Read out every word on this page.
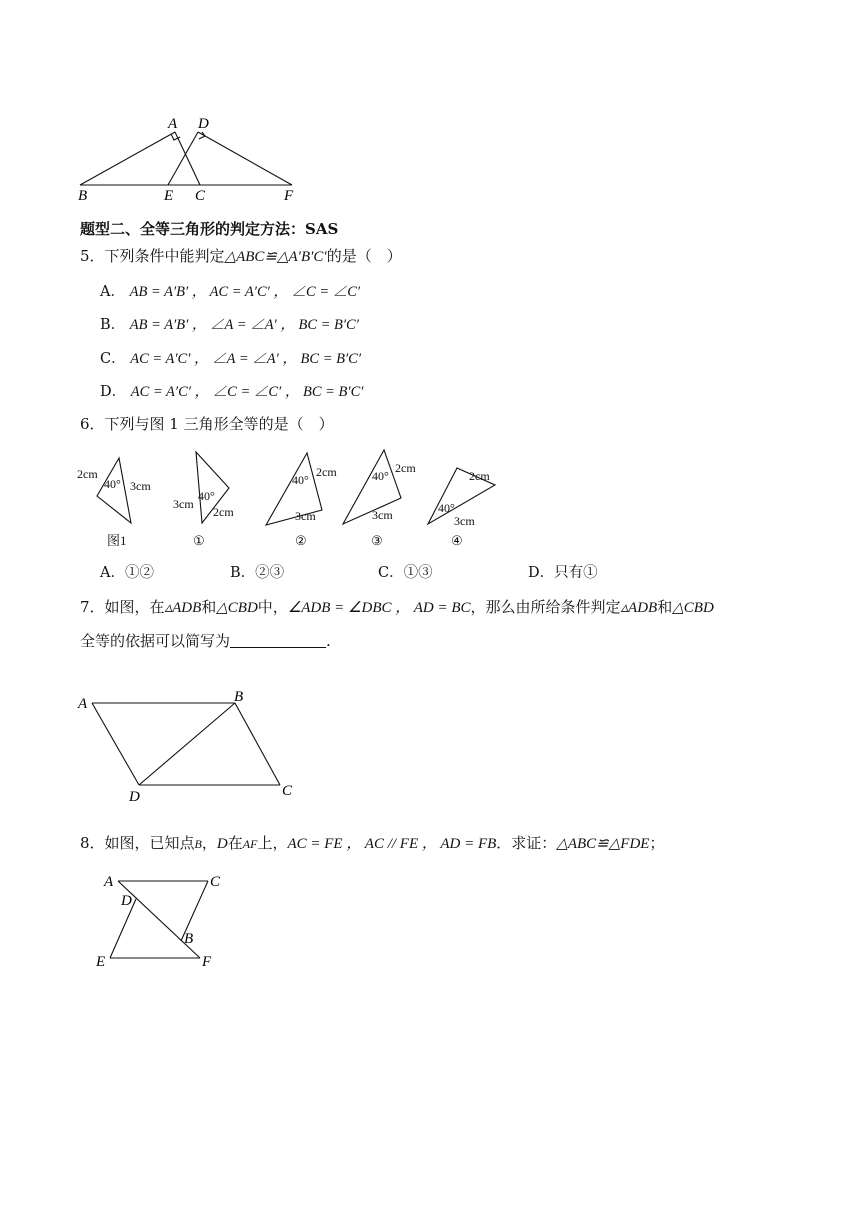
A D
B	E C	F
题型二、全等三角形的判定方法：SAS
5．下列条件中能判定△ABC≌△A′B′C′的是（　）
A． AB = A′B′ ， AC = A′C′ ， ∠C = ∠C′
B． AB = A′B′ ， ∠A = ∠A′ ， BC = B′C′
C． AC = A′C′ ， ∠A = ∠A′ ， BC = B′C′
D． AC = A′C′ ， ∠C = ∠C′ ， BC = B′C′
6．下列与图 1 三角形全等的是（　）
2cm
3cm
40°
3cm
2cm
40°
2cm
3cm
40°
2cm
3cm
40°	2cm
3cm
40°
图1	①	②	③	④
A．①②	B．②③	C．①③	D．只有①
7．如图，在▵ADB和△CBD中，∠ADB = ∠DBC ， AD = BC，那么由所给条件判定▵ADB和△CBD
全等的依据可以简写为	.
A	B
C
D
8．如图，已知点B，D在AF上，AC = FE ， AC // FE ， AD = FB．求证：△ABC≌△FDE；
A	C
D
B
E	F
